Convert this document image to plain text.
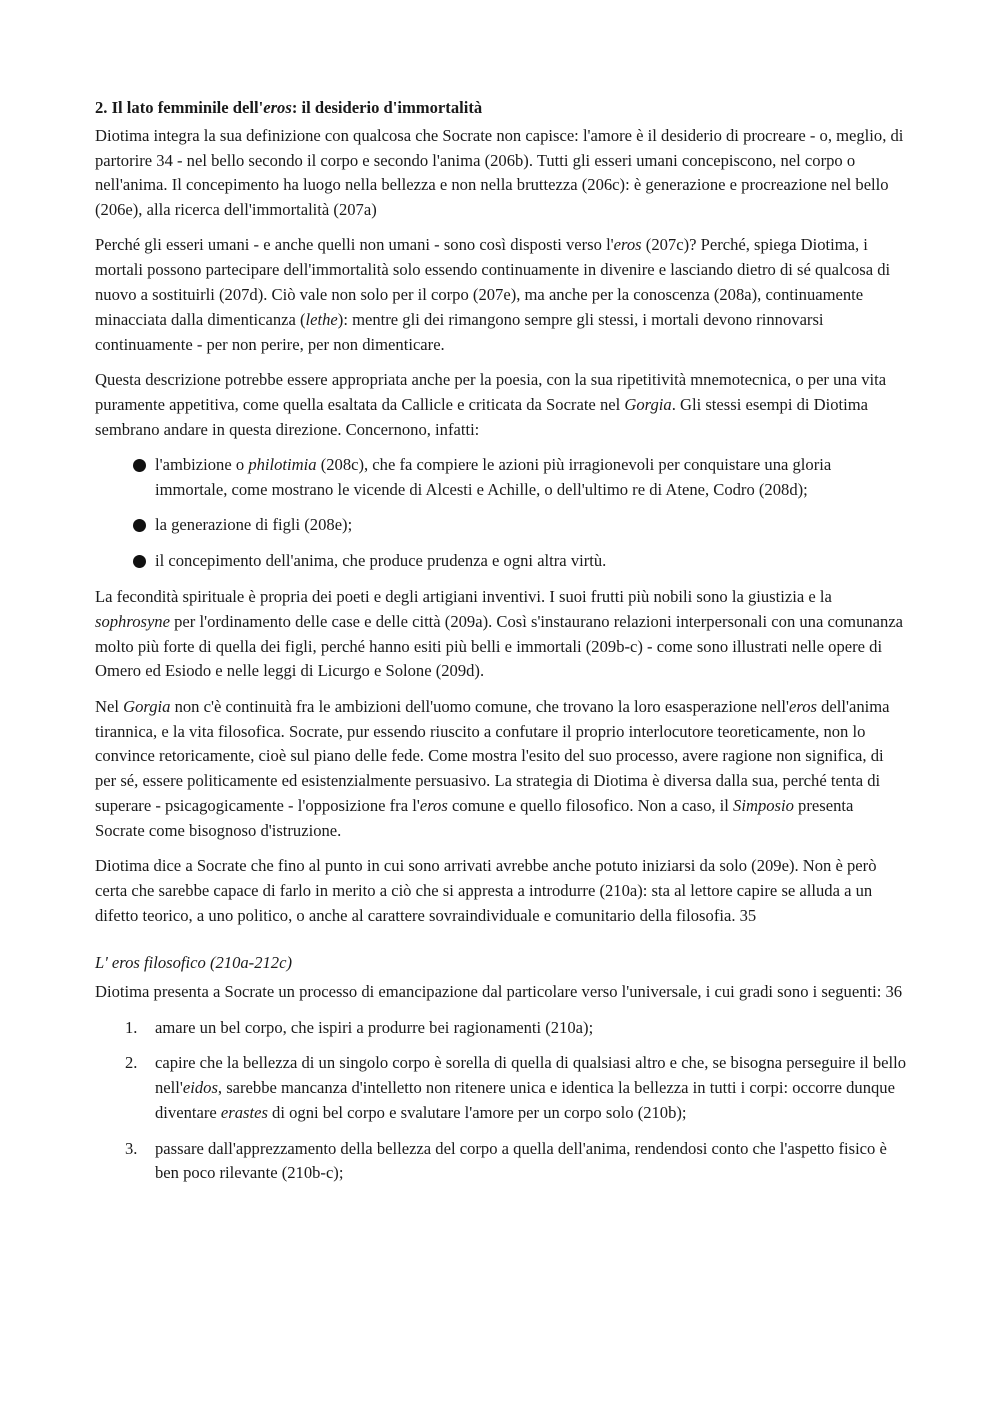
2. Il lato femminile dell'eros: il desiderio d'immortalità

Diotima integra la sua definizione con qualcosa che Socrate non capisce: l'amore è il desiderio di procreare - o, meglio, di partorire 34 - nel bello secondo il corpo e secondo l'anima (206b). Tutti gli esseri umani concepiscono, nel corpo o nell'anima. Il concepimento ha luogo nella bellezza e non nella bruttezza (206c): è generazione e procreazione nel bello (206e), alla ricerca dell'immortalità (207a)

Perché gli esseri umani - e anche quelli non umani - sono così disposti verso l'eros (207c)? Perché, spiega Diotima, i mortali possono partecipare dell'immortalità solo essendo continuamente in divenire e lasciando dietro di sé qualcosa di nuovo a sostituirli (207d). Ciò vale non solo per il corpo (207e), ma anche per la conoscenza (208a), continuamente minacciata dalla dimenticanza (lethe): mentre gli dei rimangono sempre gli stessi, i mortali devono rinnovarsi continuamente - per non perire, per non dimenticare.

Questa descrizione potrebbe essere appropriata anche per la poesia, con la sua ripetitività mnemotecnica, o per una vita puramente appetitiva, come quella esaltata da Callicle e criticata da Socrate nel Gorgia. Gli stessi esempi di Diotima sembrano andare in questa direzione. Concernono, infatti:

l'ambizione o philotimia (208c), che fa compiere le azioni più irragionevoli per conquistare una gloria immortale, come mostrano le vicende di Alcesti e Achille, o dell'ultimo re di Atene, Codro (208d);
la generazione di figli (208e);
il concepimento dell'anima, che produce prudenza e ogni altra virtù.

La fecondità spirituale è propria dei poeti e degli artigiani inventivi. I suoi frutti più nobili sono la giustizia e la sophrosyne per l'ordinamento delle case e delle città (209a). Così s'instaurano relazioni interpersonali con una comunanza molto più forte di quella dei figli, perché hanno esiti più belli e immortali (209b-c) - come sono illustrati nelle opere di Omero ed Esiodo e nelle leggi di Licurgo e Solone (209d).

Nel Gorgia non c'è continuità fra le ambizioni dell'uomo comune, che trovano la loro esasperazione nell'eros dell'anima tirannica, e la vita filosofica. Socrate, pur essendo riuscito a confutare il proprio interlocutore teoreticamente, non lo convince retoricamente, cioè sul piano delle fede. Come mostra l'esito del suo processo, avere ragione non significa, di per sé, essere politicamente ed esistenzialmente persuasivo. La strategia di Diotima è diversa dalla sua, perché tenta di superare - psicagogicamente - l'opposizione fra l'eros comune e quello filosofico. Non a caso, il Simposio presenta Socrate come bisognoso d'istruzione.

Diotima dice a Socrate che fino al punto in cui sono arrivati avrebbe anche potuto iniziarsi da solo (209e). Non è però certa che sarebbe capace di farlo in merito a ciò che si appresta a introdurre (210a): sta al lettore capire se alluda a un difetto teorico, a uno politico, o anche al carattere sovraindividuale e comunitario della filosofia. 35

L' eros filosofico (210a-212c)

Diotima presenta a Socrate un processo di emancipazione dal particolare verso l'universale, i cui gradi sono i seguenti: 36

1. amare un bel corpo, che ispiri a produrre bei ragionamenti (210a);
2. capire che la bellezza di un singolo corpo è sorella di quella di qualsiasi altro e che, se bisogna perseguire il bello nell'eidos, sarebbe mancanza d'intelletto non ritenere unica e identica la bellezza in tutti i corpi: occorre dunque diventare erastes di ogni bel corpo e svalutare l'amore per un corpo solo (210b);
3. passare dall'apprezzamento della bellezza del corpo a quella dell'anima, rendendosi conto che l'aspetto fisico è ben poco rilevante (210b-c);
